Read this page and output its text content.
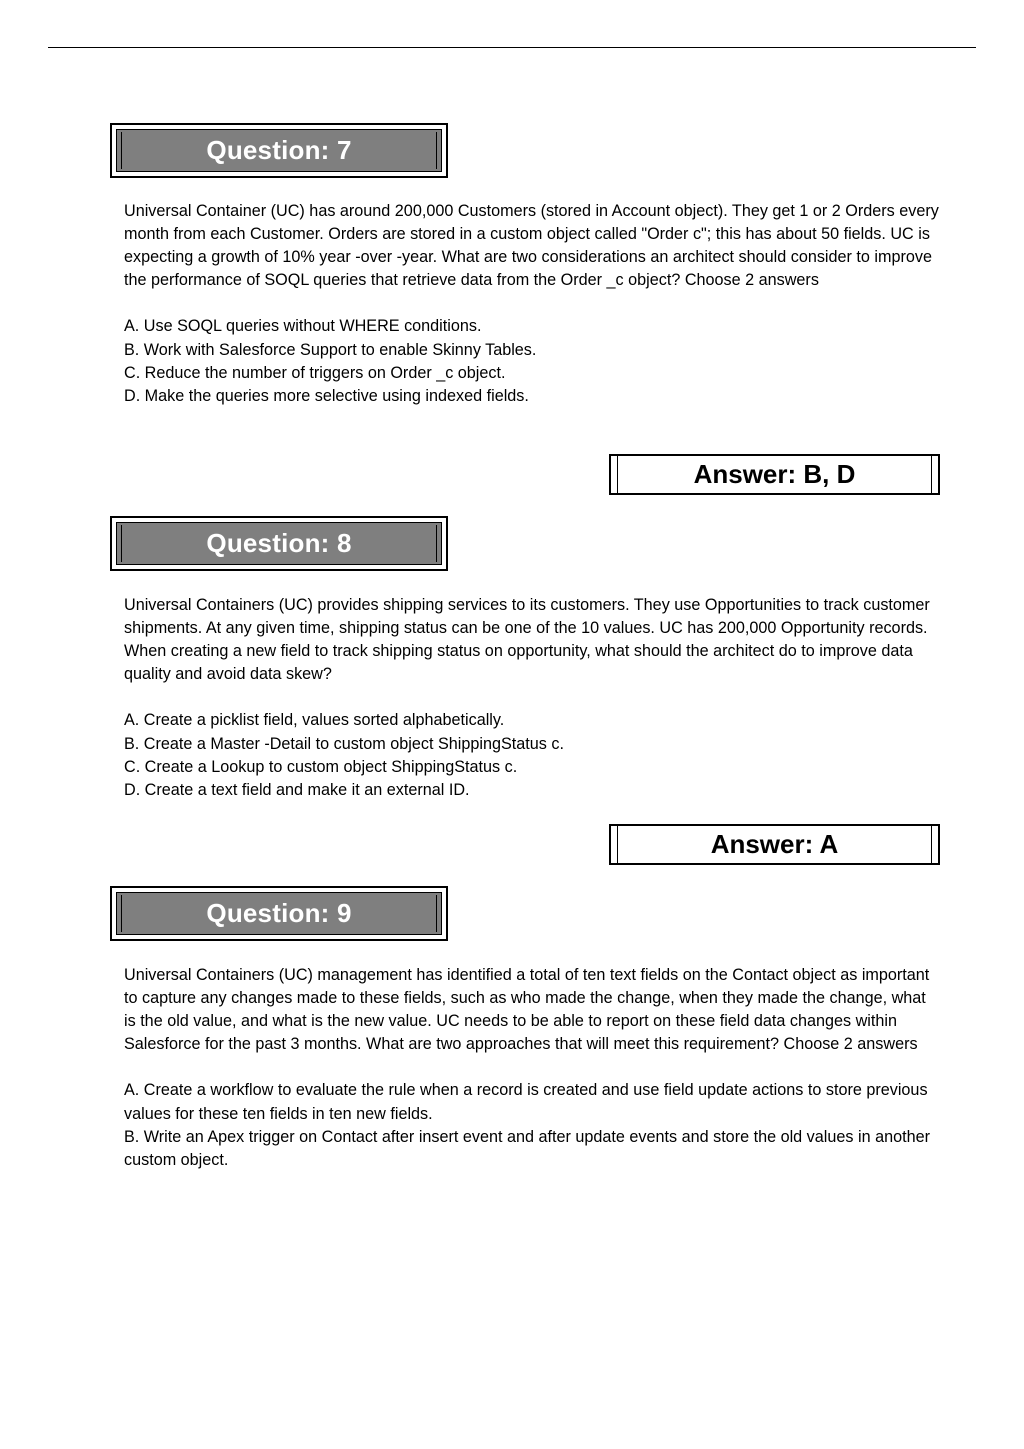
Question: 7

Universal Container (UC) has around 200,000 Customers (stored in Account object). They get 1 or 2 Orders every month from each Customer. Orders are stored in a custom object called "Order c"; this has about 50 fields. UC is expecting a growth of 10% year -over -year. What are two considerations an architect should consider to improve the performance of SOQL queries that retrieve data from the Order _c object? Choose 2 answers

A. Use SOQL queries without WHERE conditions.
B. Work with Salesforce Support to enable Skinny Tables.
C. Reduce the number of triggers on Order _c object.
D. Make the queries more selective using indexed fields.
Answer: B, D
Question: 8

Universal Containers (UC) provides shipping services to its customers. They use Opportunities to track customer shipments. At any given time, shipping status can be one of the 10 values. UC has 200,000 Opportunity records. When creating a new field to track shipping status on opportunity, what should the architect do to improve data quality and avoid data skew?

A. Create a picklist field, values sorted alphabetically.
B. Create a Master -Detail to custom object ShippingStatus c.
C. Create a Lookup to custom object ShippingStatus c.
D. Create a text field and make it an external ID.
Answer: A
Question: 9

Universal Containers (UC) management has identified a total of ten text fields on the Contact object as important to capture any changes made to these fields, such as who made the change, when they made the change, what is the old value, and what is the new value. UC needs to be able to report on these field data changes within Salesforce for the past 3 months. What are two approaches that will meet this requirement? Choose 2 answers

A. Create a workflow to evaluate the rule when a record is created and use field update actions to store previous values for these ten fields in ten new fields.
B. Write an Apex trigger on Contact after insert event and after update events and store the old values in another custom object.
